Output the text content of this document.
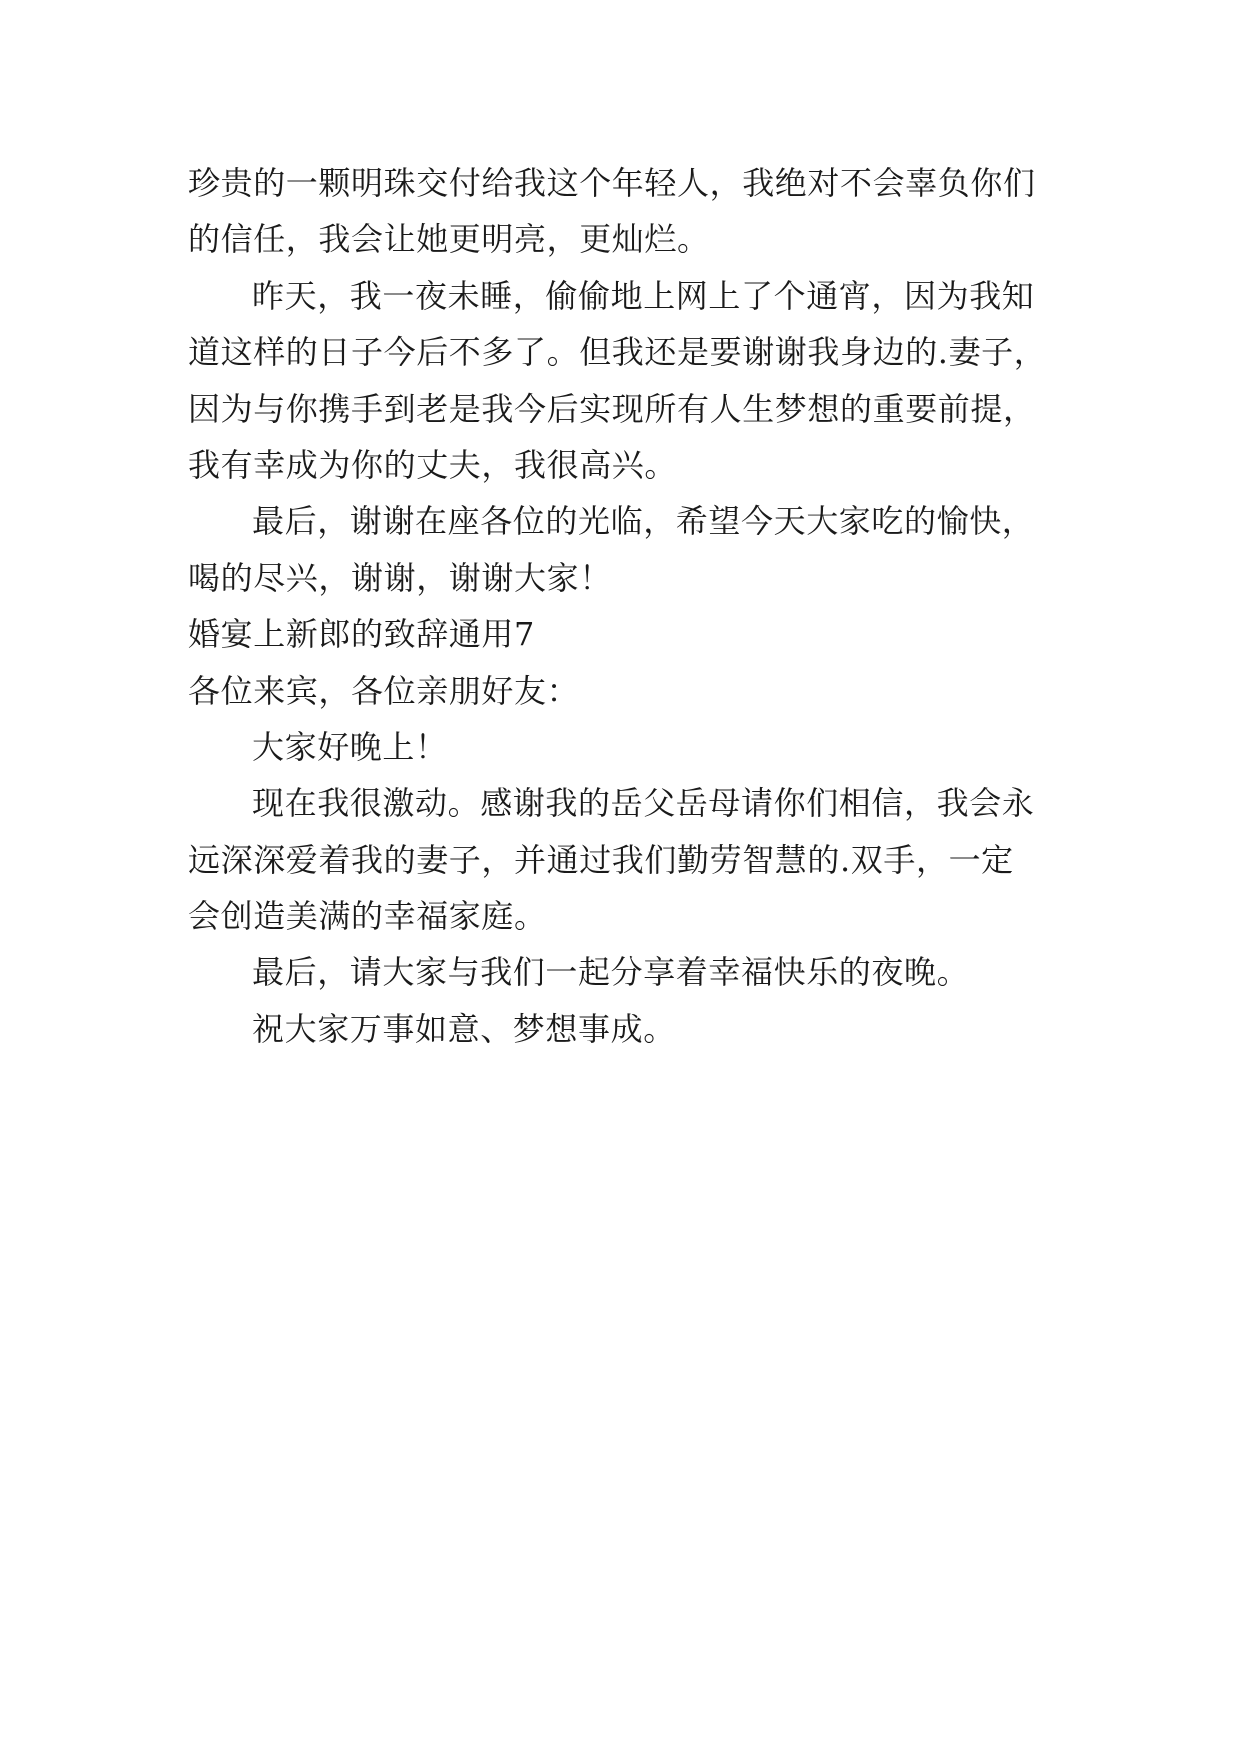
珍贵的一颗明珠交付给我这个年轻人，我绝对不会辜负你们

的信任，我会让她更明亮，更灿烂。

昨天，我一夜未睡，偷偷地上网上了个通宵，因为我知

道这样的日子今后不多了。但我还是要谢谢我身边的.妻子，

因为与你携手到老是我今后实现所有人生梦想的重要前提，

我有幸成为你的丈夫，我很高兴。

最后，谢谢在座各位的光临，希望今天大家吃的愉快，

喝的尽兴，谢谢，谢谢大家！

婚宴上新郎的致辞通用7

各位来宾，各位亲朋好友：

大家好晚上！

现在我很激动。感谢我的岳父岳母请你们相信，我会永

远深深爱着我的妻子，并通过我们勤劳智慧的.双手，一定

会创造美满的幸福家庭。

最后，请大家与我们一起分享着幸福快乐的夜晚。

祝大家万事如意、梦想事成。
